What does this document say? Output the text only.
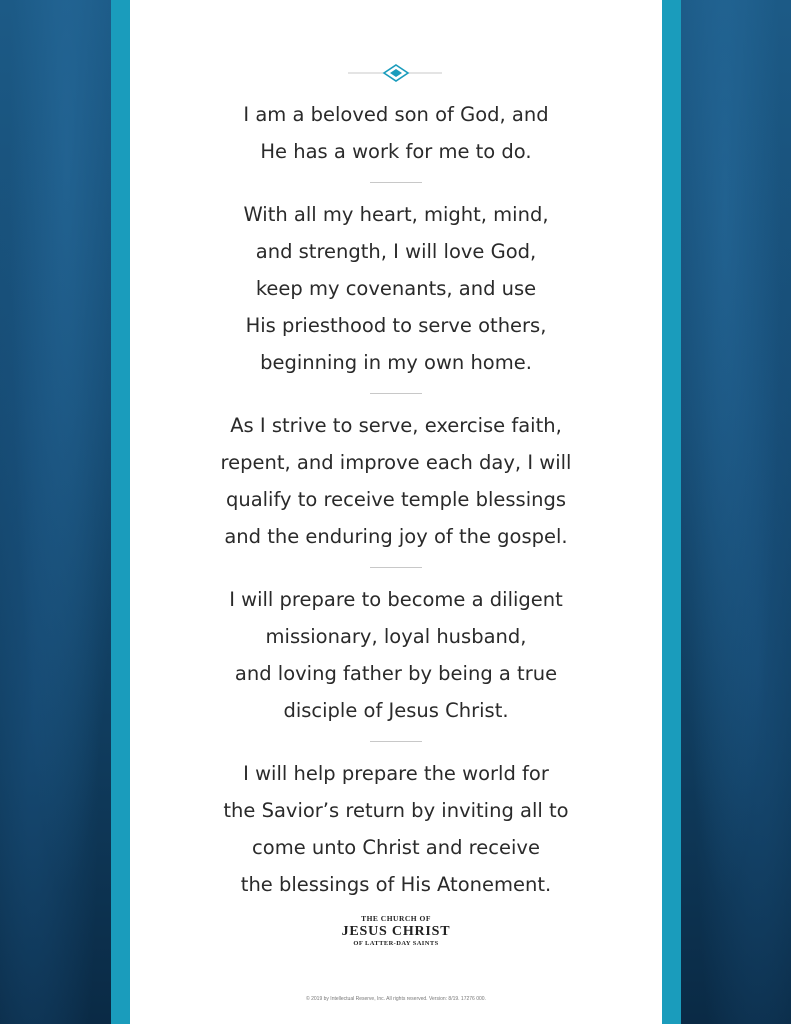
I am a beloved son of God, and
He has a work for me to do.
With all my heart, might, mind,
and strength, I will love God,
keep my covenants, and use
His priesthood to serve others,
beginning in my own home.
As I strive to serve, exercise faith,
repent, and improve each day, I will
qualify to receive temple blessings
and the enduring joy of the gospel.
I will prepare to become a diligent
missionary, loyal husband,
and loving father by being a true
disciple of Jesus Christ.
I will help prepare the world for
the Savior’s return by inviting all to
come unto Christ and receive
the blessings of His Atonement.
THE CHURCH OF
JESUS CHRIST
OF LATTER-DAY SAINTS
© 2019 by Intellectual Reserve, Inc. All rights reserved. Version: 8/19. 17276 000.
